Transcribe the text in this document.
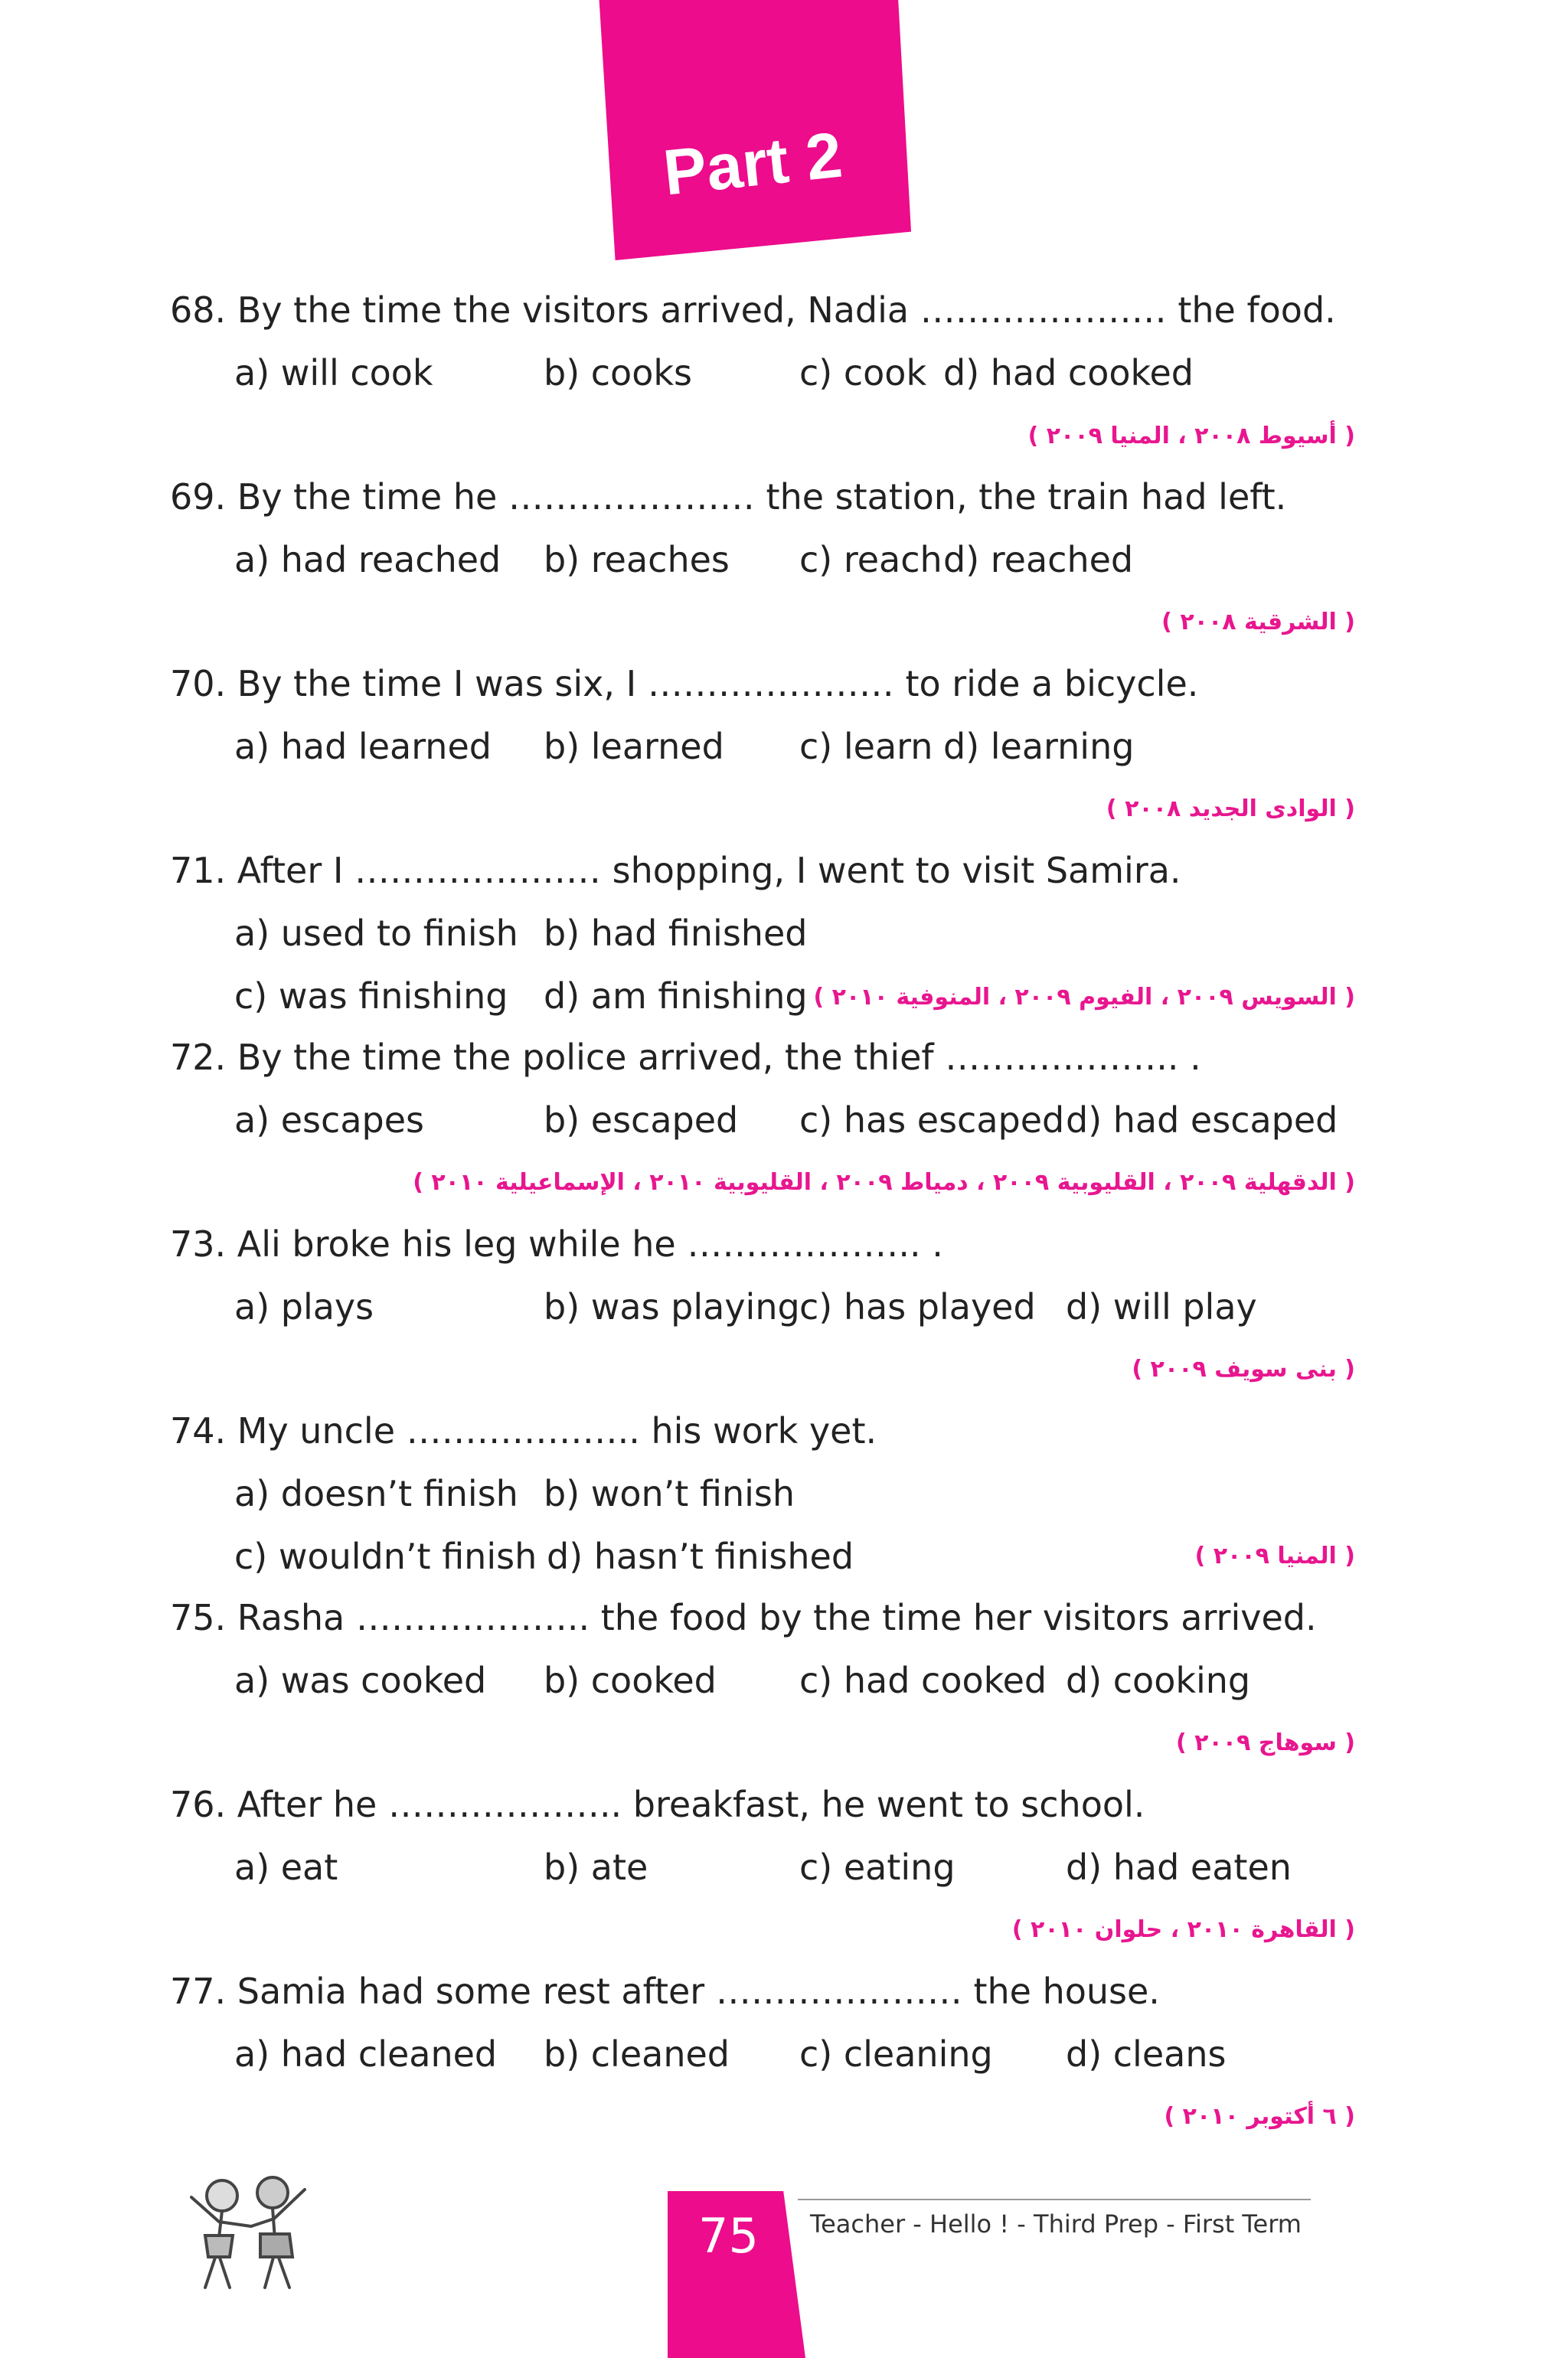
Part 2
68. By the time the visitors arrived, Nadia ………………… the food.
a) will cook	b) cooks	c) cook d) had cooked
( أسيوط ٢٠٠٨ ، المنيا ٢٠٠٩ )
69. By the time he ………………… the station, the train had left.
a) had reached b) reaches c) reach d) reached
( الشرقية ٢٠٠٨ )
70. By the time I was six, I ………………… to ride a bicycle.
a) had learned b) learned c) learn d) learning
( الوادى الجديد ٢٠٠٨ )
71. After I ………………… shopping, I went to visit Samira.
a) used to finish b) had finished
c) was finishing d) am finishing ( السويس ٢٠٠٩ ، الفيوم ٢٠٠٩ ، المنوفية ٢٠١٠ )
72. By the time the police arrived, the thief ……………….. .
a) escapes	b) escaped c) has escaped d) had escaped
( الدقهلية ٢٠٠٩ ، القليوبية ٢٠٠٩ ، دمياط ٢٠٠٩ ، القليوبية ٢٠١٠ ، الإسماعيلية ٢٠١٠ )
73. Ali broke his leg while he ……………….. .
a) plays	b) was playing c) has played d) will play
( بنى سويف ٢٠٠٩ )
74. My uncle ……………….. his work yet.
a) doesn’t finish b) won’t finish
c) wouldn’t finish d) hasn’t finished	( المنيا ٢٠٠٩ )
75. Rasha ……………….. the food by the time her visitors arrived.
a) was cooked b) cooked c) had cooked d) cooking
( سوهاج ٢٠٠٩ )
76. After he ……………….. breakfast, he went to school.
a) eat	b) ate	c) eating	d) had eaten
( القاهرة ٢٠١٠ ، حلوان ٢٠١٠ )
77. Samia had some rest after ………………… the house.
a) had cleaned b) cleaned c) cleaning d) cleans
( ٦ أكتوبر ٢٠١٠ )
75 Teacher - Hello ! - Third Prep - First Term
